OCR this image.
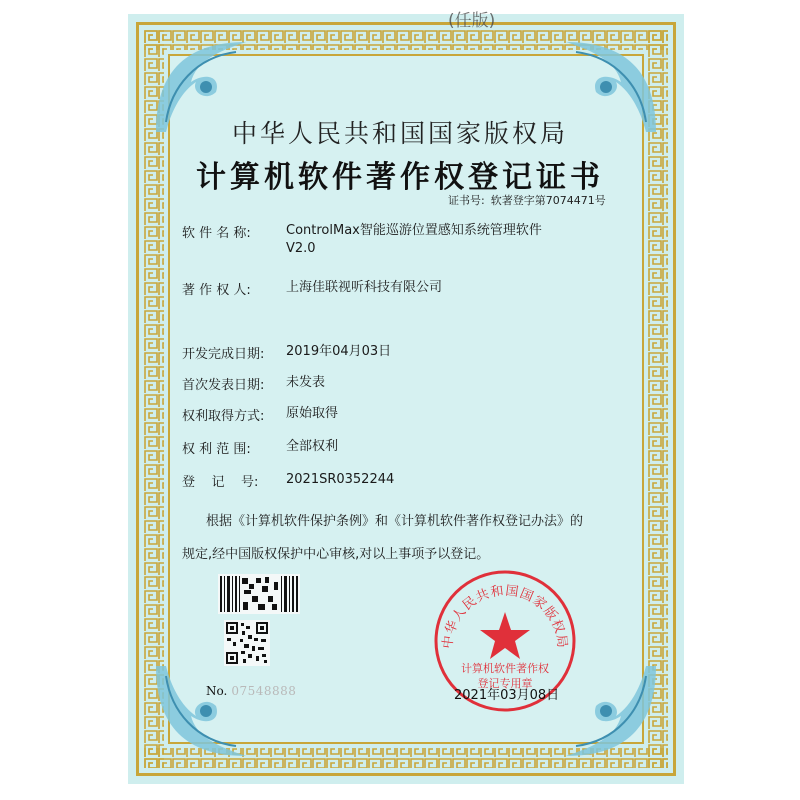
(任版)
中华人民共和国国家版权局
计算机软件著作权登记证书
证书号: 软著登字第7074471号
软 件 名 称:	ControlMax智能巡游位置感知系统管理软件
V2.0
著 作 权 人:	上海佳联视听科技有限公司
开发完成日期: 2019年04月03日
首次发表日期: 未发表
权利取得方式: 原始取得
权 利 范 围:	全部权利
登    记    号: 2021SR0352244
根据《计算机软件保护条例》和《计算机软件著作权登记办法》的
规定,经中国版权保护中心审核,对以上事项予以登记。
No. 07548888
中华人民共和国国家版权局
计算机软件著作权
登记专用章
2021年03月08日
